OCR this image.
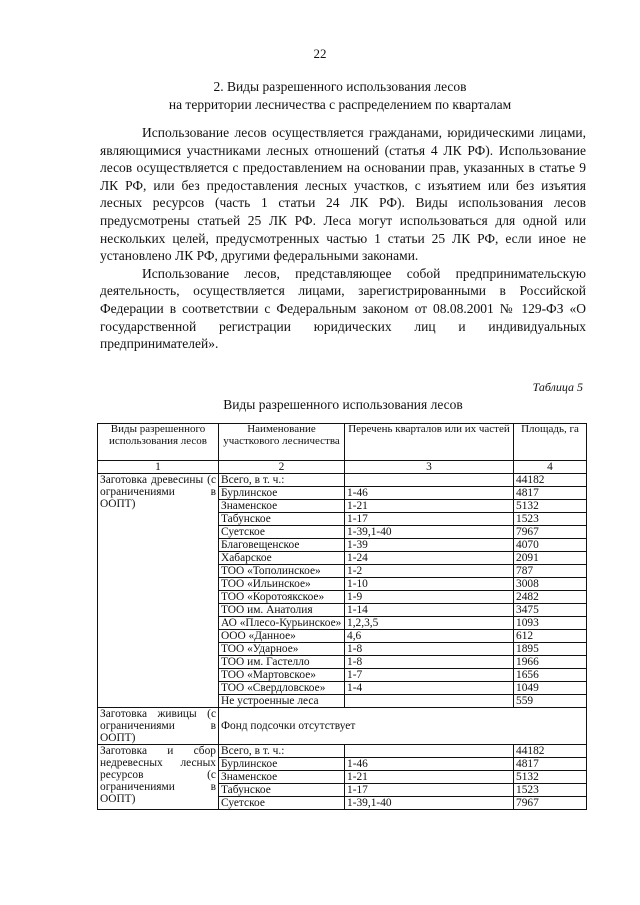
22
2. Виды разрешенного использования лесов
на территории лесничества с распределением по кварталам

Использование лесов осуществляется гражданами, юридическими лицами, являющимися участниками лесных отношений (статья 4 ЛК РФ). Использование лесов осуществляется с предоставлением на основании прав, указанных в статье 9 ЛК РФ, или без предоставления лесных участков, с изъятием или без изъятия лесных ресурсов (часть 1 статьи 24 ЛК РФ). Виды использования лесов предусмотрены статьей 25 ЛК РФ. Леса могут использоваться для одной или нескольких целей, предусмотренных частью 1 статьи 25 ЛК РФ, если иное не установлено ЛК РФ, другими федеральными законами.

Использование лесов, представляющее собой предпринимательскую деятельность, осуществляется лицами, зарегистрированными в Российской Федерации в соответствии с Федеральным законом от 08.08.2001 № 129-ФЗ «О государственной регистрации юридических лиц и индивидуальных предпринимателей».

Таблица 5
Виды разрешенного использования лесов
Виды разрешенного использования лесов	Наименование участкового лесничества	Перечень кварталов или их частей	Площадь, га
1	2	3	4
Заготовка древесины (с ограничениями в ООПТ)	Всего, в т. ч.:		44182
	Бурлинское	1-46	4817
	Знаменское	1-21	5132
	Табунское	1-17	1523
	Суетское	1-39,1-40	7967
	Благовещенское	1-39	4070
	Хабарское	1-24	2091
	ТОО «Тополинское»	1-2	787
	ТОО «Ильинское»	1-10	3008
	ТОО «Коротоякское»	1-9	2482
	ТОО им. Анатолия	1-14	3475
	АО «Плесо-Курьинское»	1,2,3,5	1093
	ООО «Данное»	4,6	612
	ТОО «Ударное»	1-8	1895
	ТОО им. Гастелло	1-8	1966
	ТОО «Мартовское»	1-7	1656
	ТОО «Свердловское»	1-4	1049
	Не устроенные леса		559
Заготовка живицы (с ограничениями в ООПТ)	Фонд подсочки отсутствует		
Заготовка и сбор недревесных лесных ресурсов (с ограничениями в ООПТ)	Всего, в т. ч.:		44182
	Бурлинское	1-46	4817
	Знаменское	1-21	5132
	Табунское	1-17	1523
	Суетское	1-39,1-40	7967
